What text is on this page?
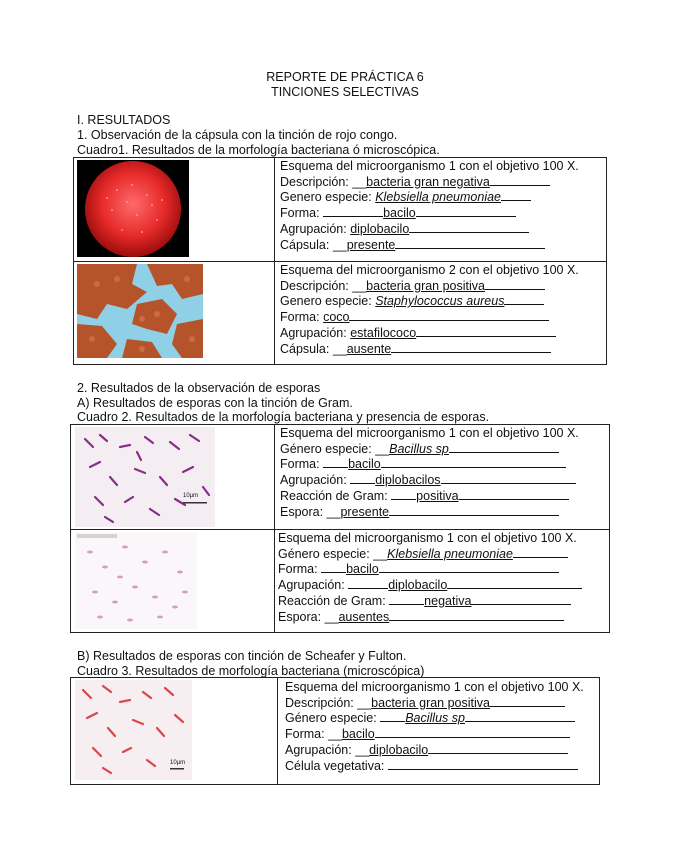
REPORTE DE PRÁCTICA 6
TINCIONES SELECTIVAS
I. RESULTADOS
1. Observación de la cápsula con la tinción de rojo congo.
Cuadro1. Resultados de la morfología bacteriana ó microscópica.
Esquema del microorganismo 1 con el objetivo 100 X.
Descripción: __bacteria gran negativa
Genero especie: Klebsiella pneumoniae
Forma:	bacilo
Agrupación: diplobacilo
Cápsula: __presente
Esquema del microorganismo 2 con el objetivo 100 X.
Descripción: __bacteria gran positiva
Genero especie: Staphylococcus aureus
Forma: coco
Agrupación: estafilococo
Cápsula: __ausente
2. Resultados de la observación de esporas
A) Resultados de esporas con la tinción de Gram.
Cuadro 2. Resultados de la morfología bacteriana y presencia de esporas.
10µm
Esquema del microorganismo 1 con el objetivo 100 X.
Género especie: __Bacillus sp
Forma: bacilo
Agrupación: diplobacilos
Reacción de Gram: positiva
Espora: __presente
Esquema del microorganismo 1 con el objetivo 100 X.
Género especie: __Klebsiella pneumoniae
Forma: bacilo
Agrupación:	diplobacilo
Reacción de Gram:	negativa
Espora: __ausentes
B) Resultados de esporas con tinción de Scheafer y Fulton.
Cuadro 3. Resultados de morfología bacteriana (microscópica)
10µm
Esquema del microorganismo 1 con el objetivo 100 X.
Descripción: __bacteria gran positiva
Género especie: Bacillus sp
Forma: __bacilo
Agrupación: __diplobacilo
Célula vegetativa:
